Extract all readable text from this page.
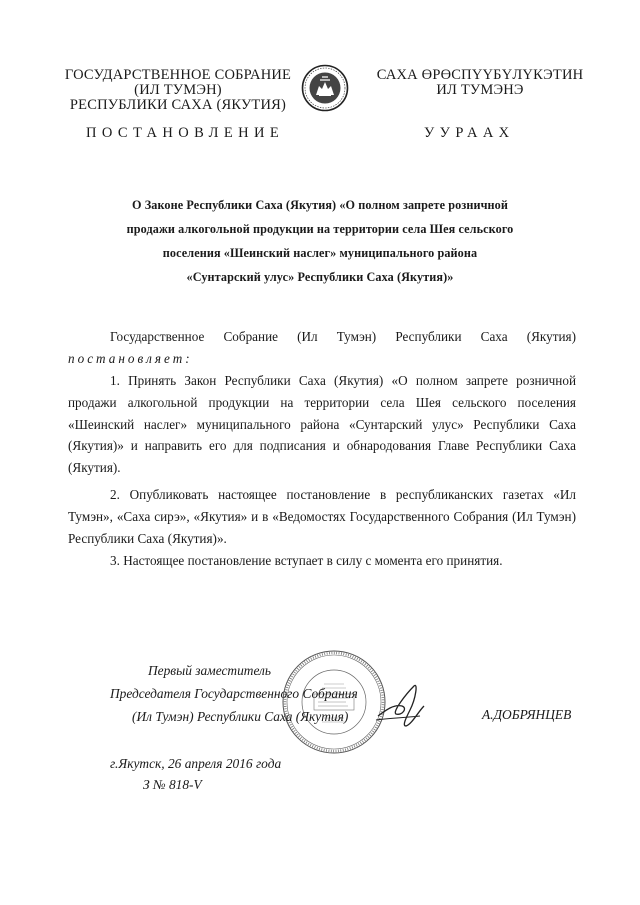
ГОСУДАРСТВЕННОЕ СОБРАНИЕ
(ИЛ ТУМЭН)
РЕСПУБЛИКИ САХА (ЯКУТИЯ)
САХА ӨРӨСПҮҮБҮЛҮКЭТИН
ИЛ ТУМЭНЭ
ПОСТАНОВЛЕНИЕ	УУРААХ
О Законе Республики Саха (Якутия) «О полном запрете розничной
продажи алкогольной продукции на территории села Шея сельского
поселения «Шеинский наслег» муниципального района
«Сунтарский улус» Республики Саха (Якутия)»
Государственное Собрание (Ил Тумэн) Республики Саха (Якутия)
постановляет:
1. Принять Закон Республики Саха (Якутия) «О полном запрете розничной продажи алкогольной продукции на территории села Шея сельского поселения «Шеинский наслег» муниципального района «Сунтарский улус» Республики Саха (Якутия)» и направить его для подписания и обнародования Главе Республики Саха (Якутия).
2. Опубликовать настоящее постановление в республиканских газетах «Ил Тумэн», «Саха сирэ», «Якутия» и в «Ведомостях Государственного Собрания (Ил Тумэн) Республики Саха (Якутия)».
3. Настоящее постановление вступает в силу с момента его принятия.
Первый заместитель
Председателя Государственного Собрания
(Ил Тумэн) Республики Саха (Якутия)	А.ДОБРЯНЦЕВ
г.Якутск, 26 апреля 2016 года
З № 818-V
